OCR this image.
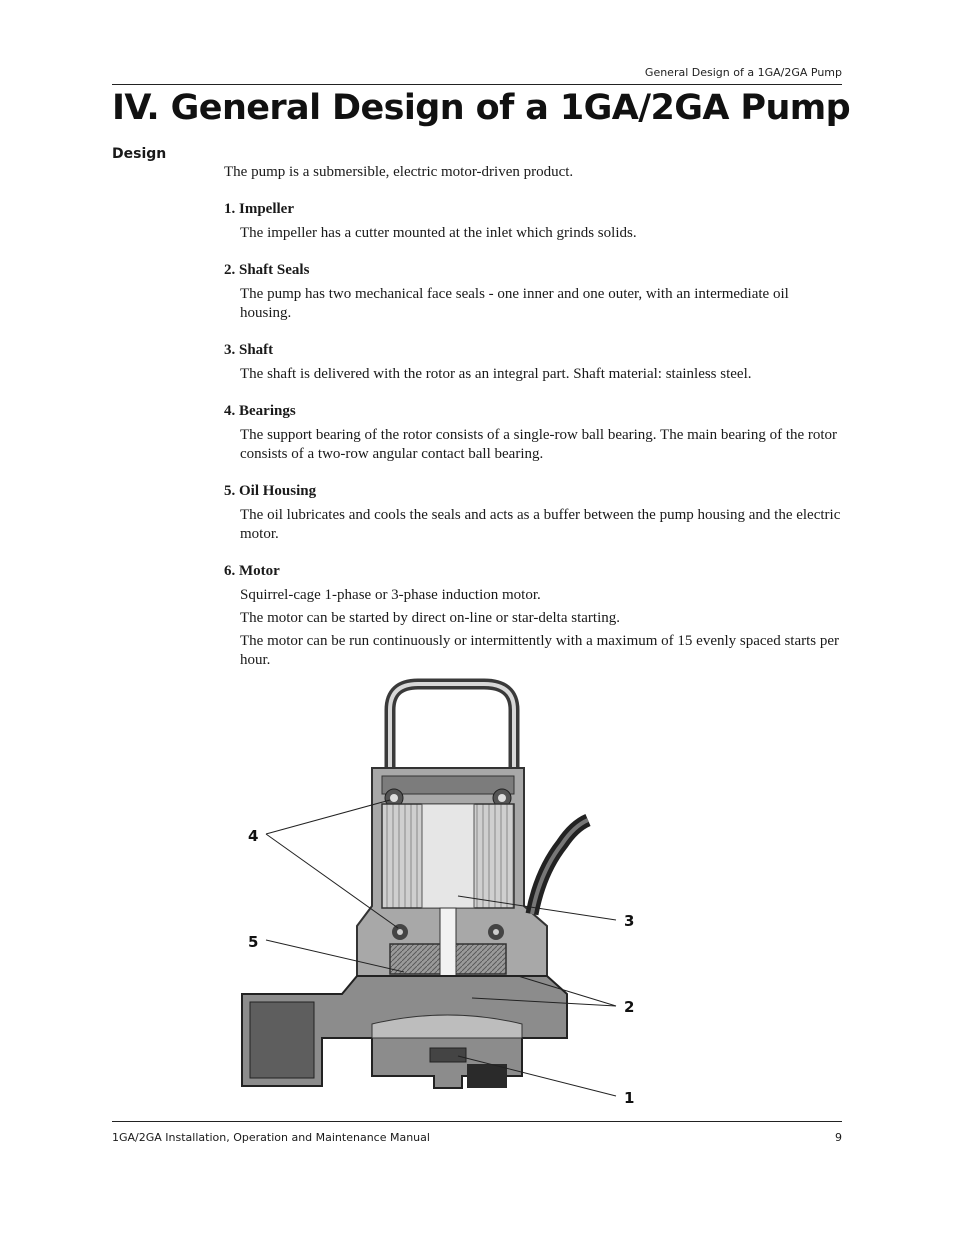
General Design of a 1GA/2GA Pump
IV. General Design of a 1GA/2GA Pump
Design

The pump is a submersible, electric motor-driven product.

1. Impeller

The impeller has a cutter mounted at the inlet which grinds solids.

2. Shaft Seals

The pump has two mechanical face seals - one inner and one outer, with an intermediate oil housing.

3. Shaft

The shaft is delivered with the rotor as an integral part. Shaft material: stainless steel.

4. Bearings

The support bearing of the rotor consists of a single-row ball bearing. The main bearing of the rotor consists of a two-row angular contact ball bearing.

5. Oil Housing

The oil lubricates and cools the seals and acts as a buffer between the pump housing and the electric motor.

6. Motor

Squirrel-cage 1-phase or 3-phase induction motor.

The motor can be started by direct on-line or star-delta starting.

The motor can be run continuously or intermittently with a maximum of 15 evenly spaced starts per hour.

4
5
3
2
1
1GA/2GA Installation, Operation and Maintenance Manual	9
